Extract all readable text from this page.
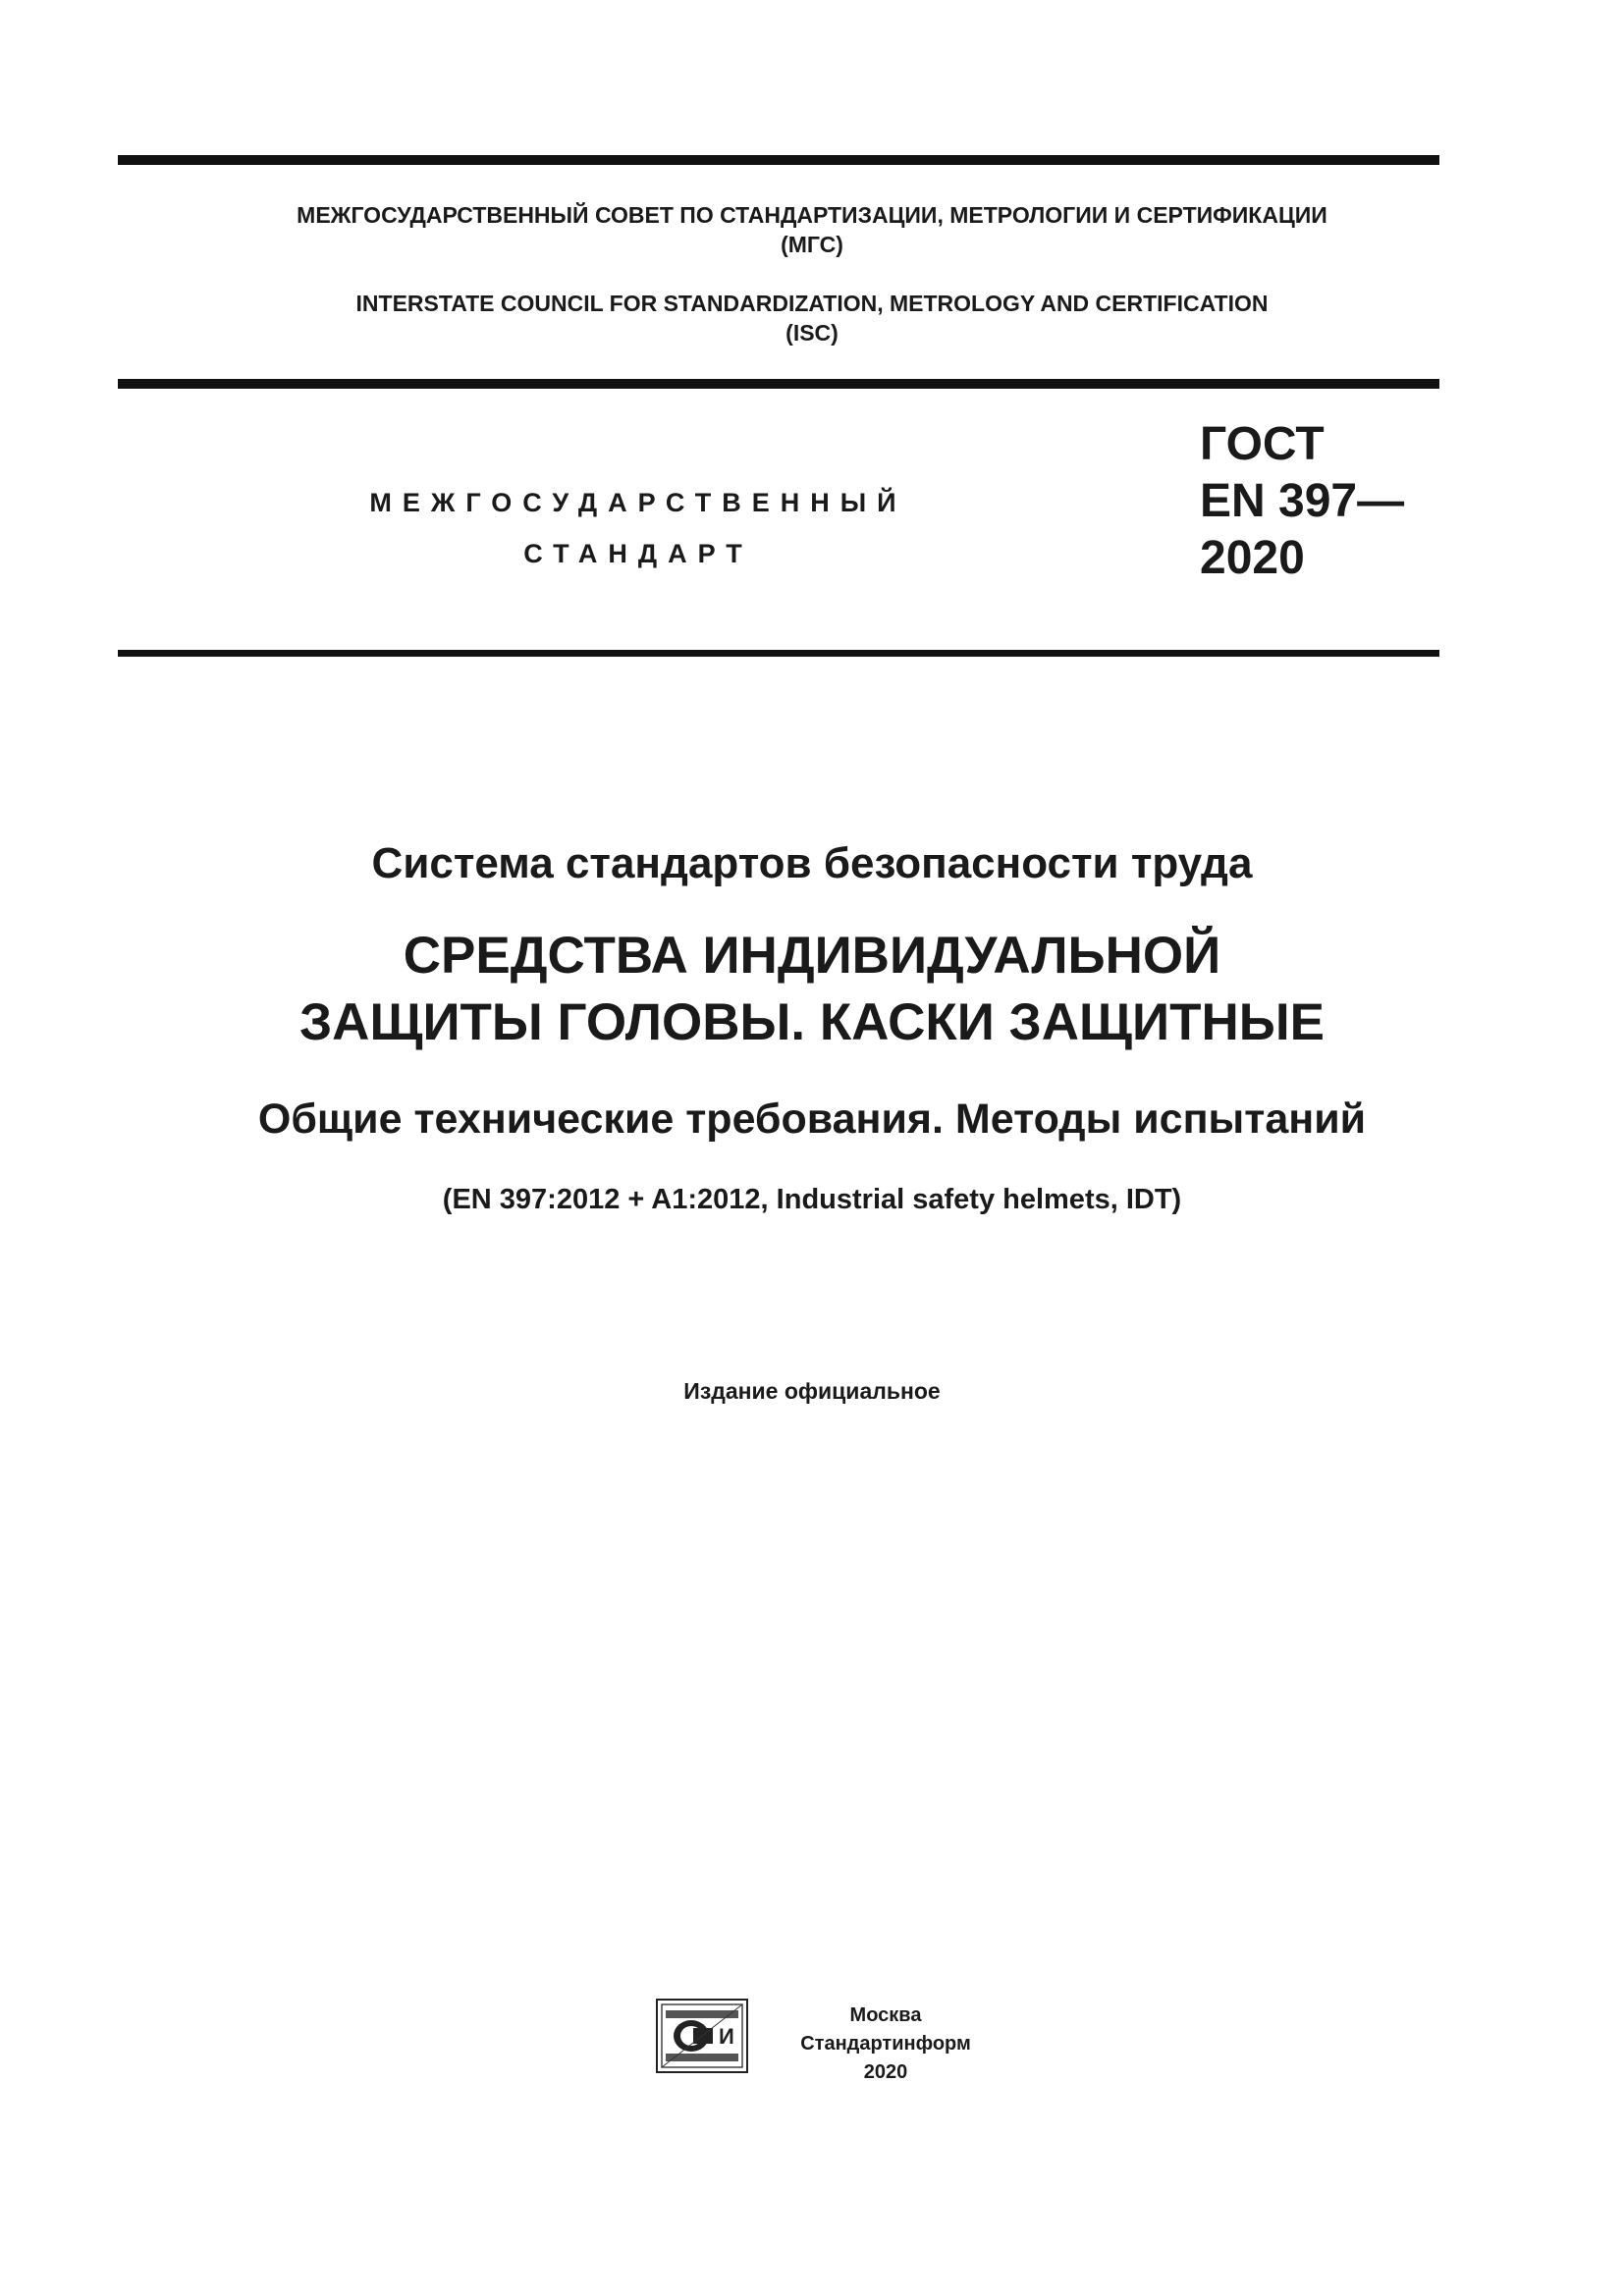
МЕЖГОСУДАРСТВЕННЫЙ СОВЕТ ПО СТАНДАРТИЗАЦИИ, МЕТРОЛОГИИ И СЕРТИФИКАЦИИ
(МГС)
INTERSTATE COUNCIL FOR STANDARDIZATION, METROLOGY AND CERTIFICATION
(ISC)
МЕЖГОСУДАРСТВЕННЫЙ
СТАНДАРТ
ГОСТ
EN 397—
2020
Система стандартов безопасности труда
СРЕДСТВА ИНДИВИДУАЛЬНОЙ
ЗАЩИТЫ ГОЛОВЫ. КАСКИ ЗАЩИТНЫЕ
Общие технические требования. Методы испытаний
(EN 397:2012 + A1:2012, Industrial safety helmets, IDT)
Издание официальное
И
Москва
Стандартинформ
2020
